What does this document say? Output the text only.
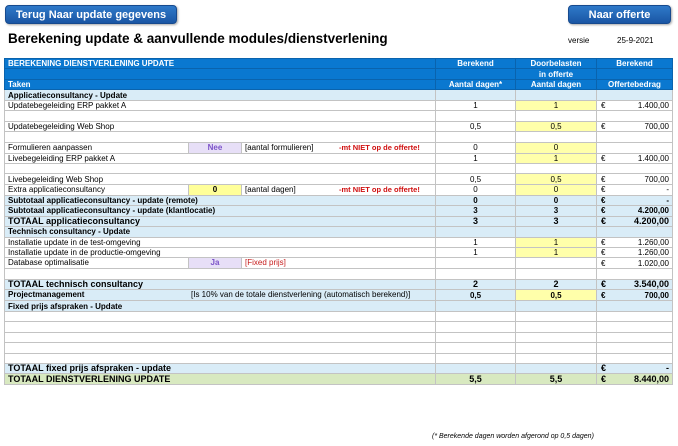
Terug Naar update gegevens	Naar offerte
Berekening update & aanvullende modules/dienstverlening	versie	25-9-2021
BEREKENING DIENSTVERLENING UPDATE	Berekend	Doorbelasten	Berekend
		in offerte	
Taken	Aantal dagen*	Aantal dagen	Offertebedrag
Applicatieconsultancy - Update			

Updatebegeleiding ERP pakket A	1	1	€ 1.400,00

Updatebegeleiding Web Shop	0,5	0,5	€ 700,00

Formulieren aanpassen Nee [aantal formulieren] -mt NIET op de offerte!	0	0	

Livebegeleiding ERP pakket A	1	1	€ 1.400,00

Livebegeleiding Web Shop	0,5	0,5	€ 700,00

Extra applicatieconsultancy 0 [aantal dagen] -mt NIET op de offerte!	0	0	€ -

Subtotaal applicatieconsultancy - update (remote)	0	0	€ -

Subtotaal applicatieconsultancy - update (klantlocatie)	3	3	€ 4.200,00

TOTAAL applicatieconsultancy	3	3	€ 4.200,00

Technisch consultancy - Update			

Installatie update in de test-omgeving	1	1	€ 1.260,00

Installatie update in de productie-omgeving	1	1	€ 1.260,00

Database optimalisatie Ja [Fixed prijs]			€ 1.020,00

TOTAAL technisch consultancy	2	2	€ 3.540,00

Projectmanagement [Is 10% van de totale dienstverlening (automatisch berekend)]	0,5	0,5	€ 700,00

Fixed prijs afspraken - Update			

TOTAAL fixed prijs afspraken - update			€ -

TOTAAL DIENSTVERLENING UPDATE	5,5	5,5	€ 8.440,00
(* Berekende dagen worden afgerond op 0,5 dagen)
